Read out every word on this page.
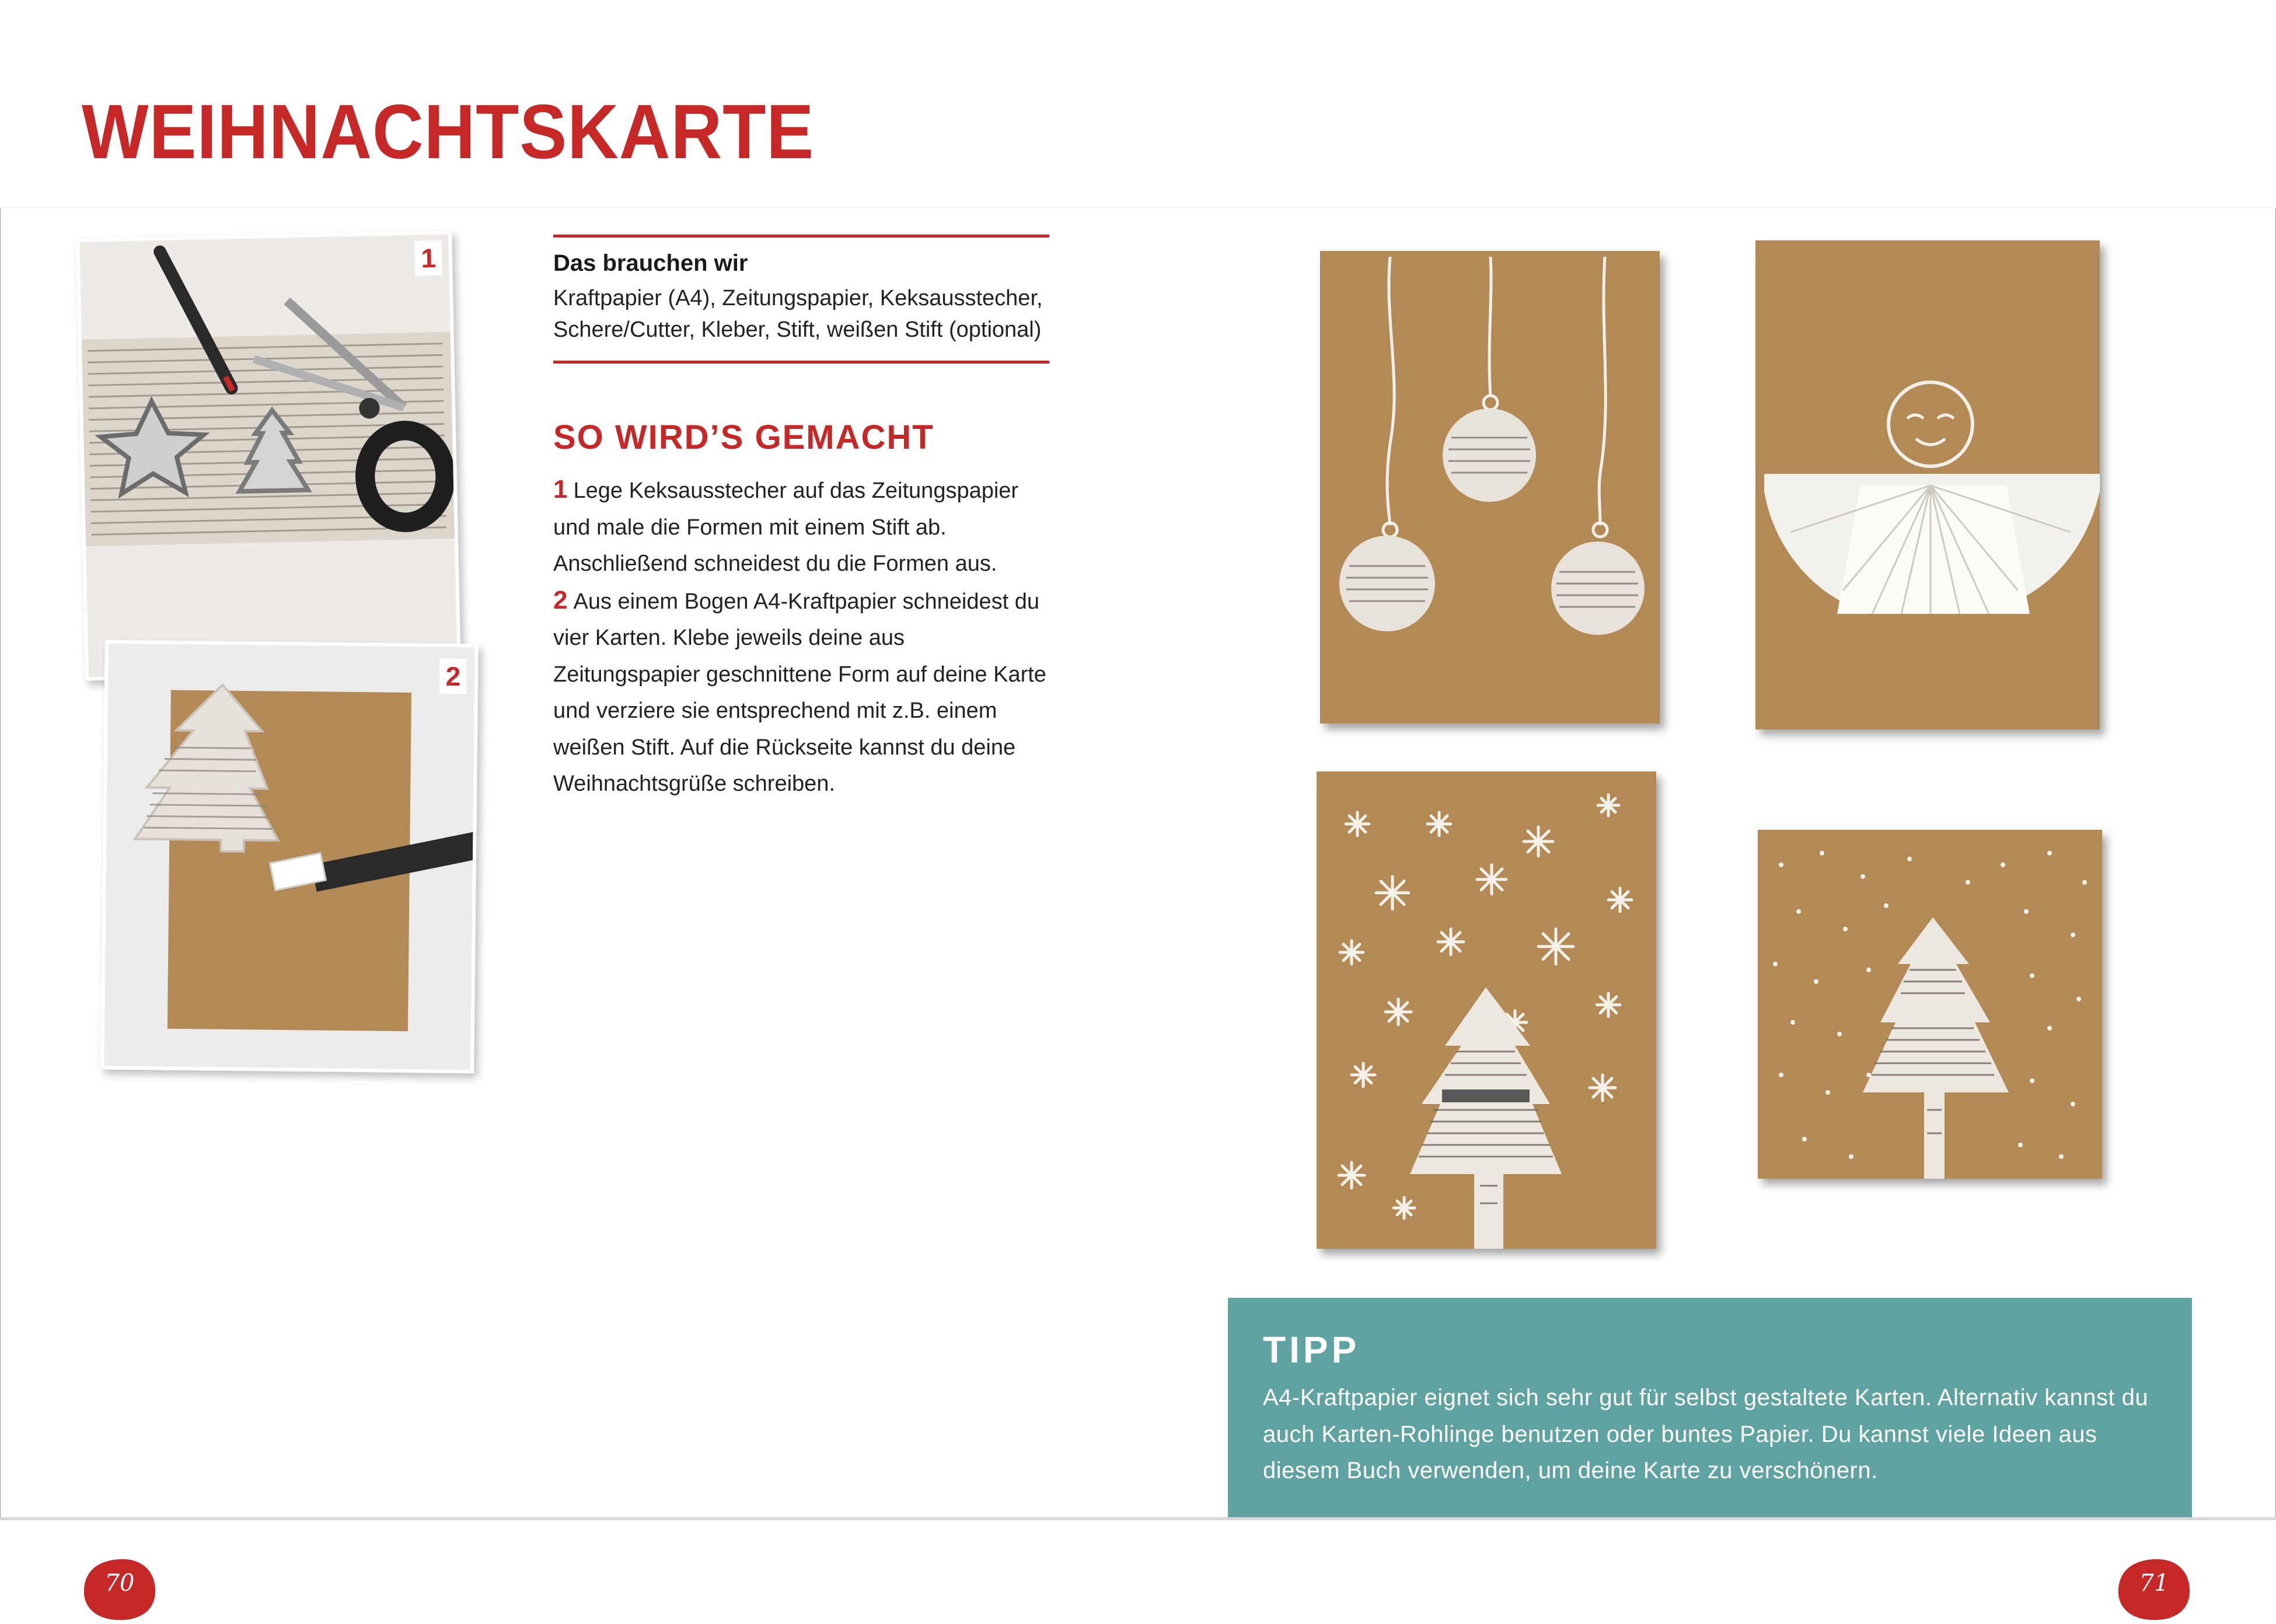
WEIHNACHTSKARTE
1
2
Das brauchen wir

Kraftpapier (A4), Zeitungspapier, Keksausstecher, Schere/Cutter, Kleber, Stift, weißen Stift (optional)

SO WIRD’S GEMACHT

1 Lege Keksausstecher auf das Zeitungspapier und male die Formen mit einem Stift ab. Anschließend schneidest du die Formen aus.

2 Aus einem Bogen A4-Kraftpapier schneidest du vier Karten. Klebe jeweils deine aus Zeitungspapier geschnittene Form auf deine Karte und verziere sie entsprechend mit z.B. einem weißen Stift. Auf die Rückseite kannst du deine Weihnachtsgrüße schreiben.

TIPP

A4-Kraftpapier eignet sich sehr gut für selbst gestaltete Karten. Alternativ kannst du auch Karten-Rohlinge benutzen oder buntes Papier. Du kannst viele Ideen aus diesem Buch verwenden, um deine Karte zu verschönern.

70	71
